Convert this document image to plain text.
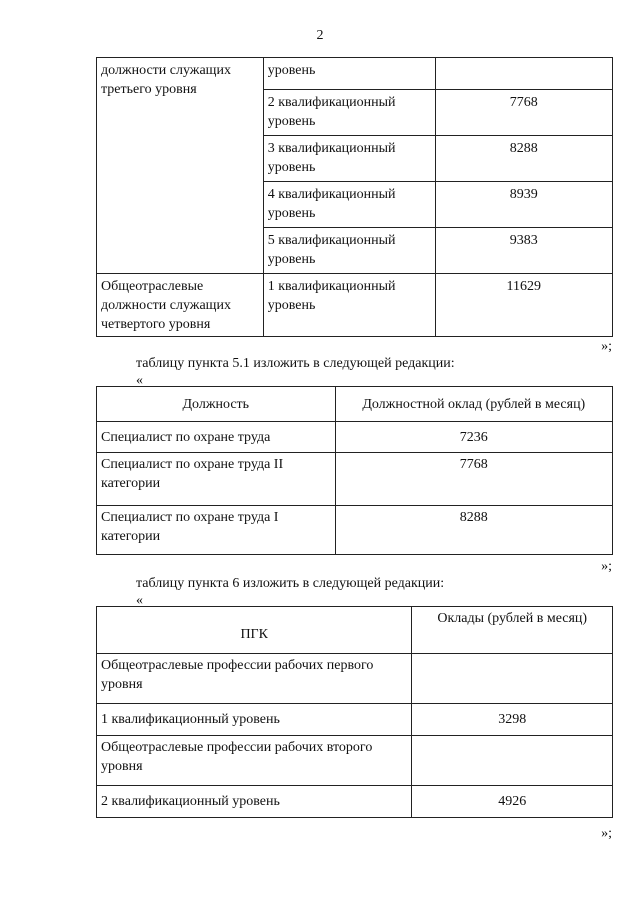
2
должности служащих третьего уровня	уровень	
	2 квалификационный уровень	7768
	3 квалификационный уровень	8288
	4 квалификационный уровень	8939
	5 квалификационный уровень	9383
Общеотраслевые должности служащих четвертого уровня	1 квалификационный уровень	11629
»;
таблицу пункта 5.1 изложить в следующей редакции:
«
Должность	Должностной оклад (рублей в месяц)
Специалист по охране труда	7236
Специалист по охране труда II категории	7768
Специалист по охране труда I категории	8288
»;
таблицу пункта 6 изложить в следующей редакции:
«
ПГК	Оклады (рублей в месяц)
Общеотраслевые профессии рабочих первого уровня	
1 квалификационный уровень	3298
Общеотраслевые профессии рабочих второго уровня	
2 квалификационный уровень	4926
»;
